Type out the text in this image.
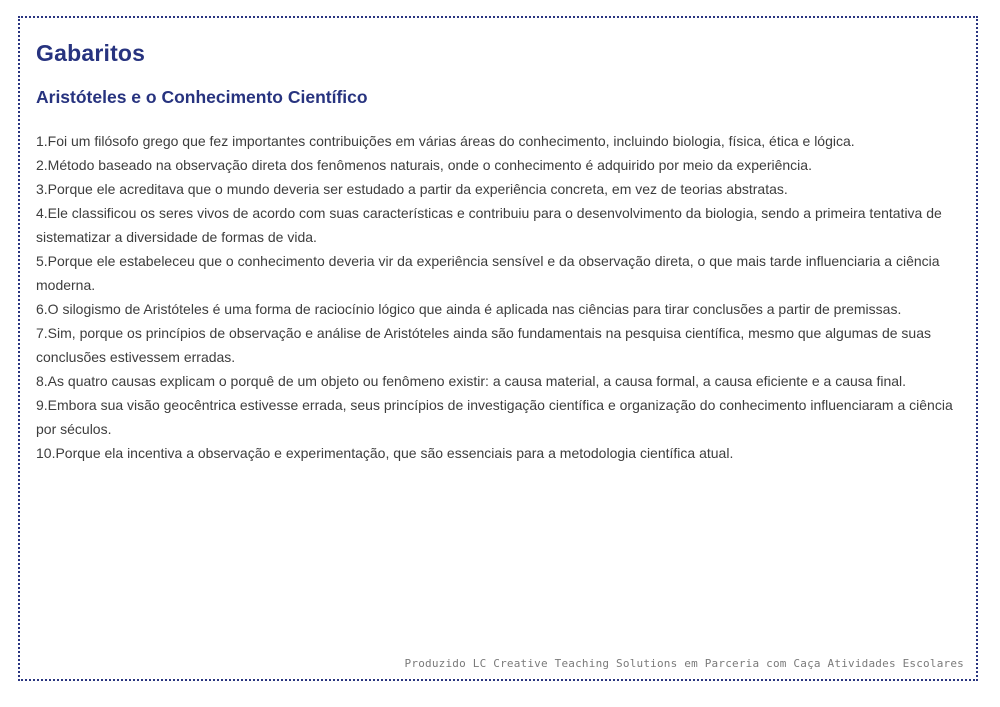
Gabaritos
Aristóteles e o Conhecimento Científico
1.Foi um filósofo grego que fez importantes contribuições em várias áreas do conhecimento, incluindo biologia, física, ética e lógica.
2.Método baseado na observação direta dos fenômenos naturais, onde o conhecimento é adquirido por meio da experiência.
3.Porque ele acreditava que o mundo deveria ser estudado a partir da experiência concreta, em vez de teorias abstratas.
4.Ele classificou os seres vivos de acordo com suas características e contribuiu para o desenvolvimento da biologia, sendo a primeira tentativa de sistematizar a diversidade de formas de vida.
5.Porque ele estabeleceu que o conhecimento deveria vir da experiência sensível e da observação direta, o que mais tarde influenciaria a ciência moderna.
6.O silogismo de Aristóteles é uma forma de raciocínio lógico que ainda é aplicada nas ciências para tirar conclusões a partir de premissas.
7.Sim, porque os princípios de observação e análise de Aristóteles ainda são fundamentais na pesquisa científica, mesmo que algumas de suas conclusões estivessem erradas.
8.As quatro causas explicam o porquê de um objeto ou fenômeno existir: a causa material, a causa formal, a causa eficiente e a causa final.
9.Embora sua visão geocêntrica estivesse errada, seus princípios de investigação científica e organização do conhecimento influenciaram a ciência por séculos.
10.Porque ela incentiva a observação e experimentação, que são essenciais para a metodologia científica atual.
Produzido LC Creative Teaching Solutions em Parceria com Caça Atividades Escolares
